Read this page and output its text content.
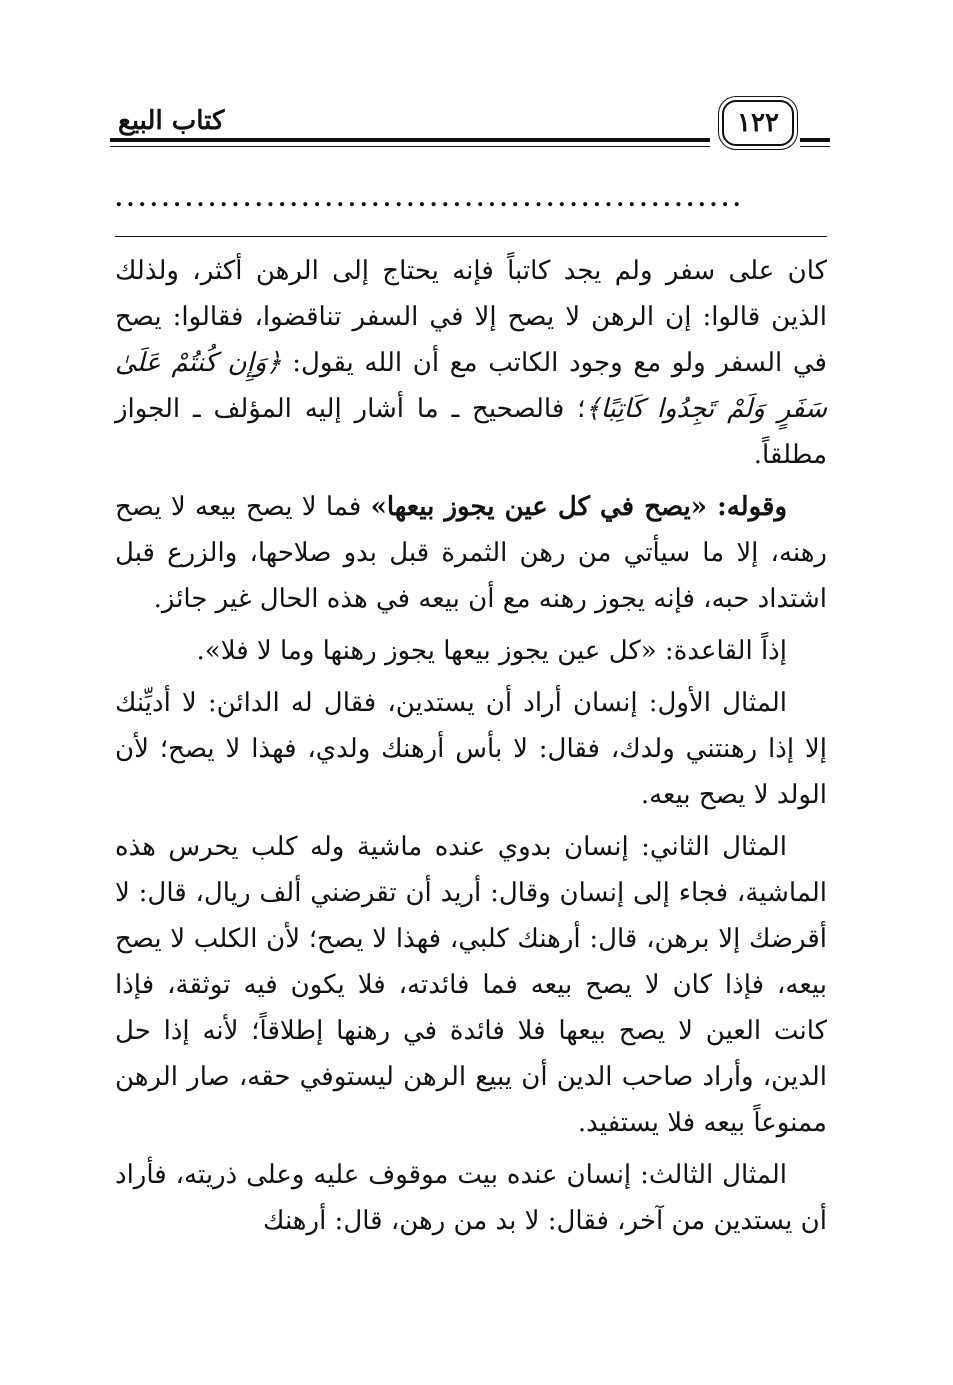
كتاب البيع	١٢٢
......................................................

كان على سفر ولم يجد كاتباً فإنه يحتاج إلى الرهن أكثر، ولذلك الذين قالوا: إن الرهن لا يصح إلا في السفر تناقضوا، فقالوا: يصح في السفر ولو مع وجود الكاتب مع أن الله يقول: ﴿وَإِن كُنتُمْ عَلَىٰ سَفَرٍ وَلَمْ تَجِدُوا كَاتِبًا﴾؛ فالصحيح ـ ما أشار إليه المؤلف ـ الجواز مطلقاً.

وقوله: «يصح في كل عين يجوز بيعها» فما لا يصح بيعه لا يصح رهنه، إلا ما سيأتي من رهن الثمرة قبل بدو صلاحها، والزرع قبل اشتداد حبه، فإنه يجوز رهنه مع أن بيعه في هذه الحال غير جائز.

إذاً القاعدة: «كل عين يجوز بيعها يجوز رهنها وما لا فلا».

المثال الأول: إنسان أراد أن يستدين، فقال له الدائن: لا أديِّنك إلا إذا رهنتني ولدك، فقال: لا بأس أرهنك ولدي، فهذا لا يصح؛ لأن الولد لا يصح بيعه.

المثال الثاني: إنسان بدوي عنده ماشية وله كلب يحرس هذه الماشية، فجاء إلى إنسان وقال: أريد أن تقرضني ألف ريال، قال: لا أقرضك إلا برهن، قال: أرهنك كلبي، فهذا لا يصح؛ لأن الكلب لا يصح بيعه، فإذا كان لا يصح بيعه فما فائدته، فلا يكون فيه توثقة، فإذا كانت العين لا يصح بيعها فلا فائدة في رهنها إطلاقاً؛ لأنه إذا حل الدين، وأراد صاحب الدين أن يبيع الرهن ليستوفي حقه، صار الرهن ممنوعاً بيعه فلا يستفيد.

المثال الثالث: إنسان عنده بيت موقوف عليه وعلى ذريته، فأراد أن يستدين من آخر، فقال: لا بد من رهن، قال: أرهنك
